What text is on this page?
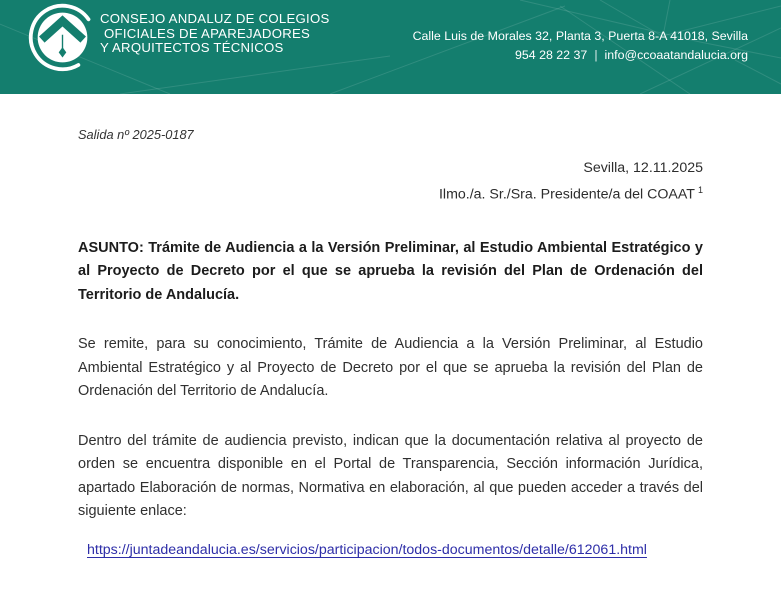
CONSEJO ANDALUZ DE COLEGIOS
OFICIALES DE APAREJADORES
Y ARQUITECTOS TÉCNICOS
Calle Luis de Morales 32, Planta 3, Puerta 8-A 41018, Sevilla
954 28 22 37 | info@ccoaatandalucia.org

Salida nº 2025-0187

Sevilla, 12.11.2025
Ilmo./a. Sr./Sra. Presidente/a del COAAT $^1$

ASUNTO: Trámite de Audiencia a la Versión Preliminar, al Estudio Ambiental Estratégico y al Proyecto de Decreto por el que se aprueba la revisión del Plan de Ordenación del Territorio de Andalucía.

Se remite, para su conocimiento, Trámite de Audiencia a la Versión Preliminar, al Estudio Ambiental Estratégico y al Proyecto de Decreto por el que se aprueba la revisión del Plan de Ordenación del Territorio de Andalucía.

Dentro del trámite de audiencia previsto, indican que la documentación relativa al proyecto de orden se encuentra disponible en el Portal de Transparencia, Sección información Jurídica, apartado Elaboración de normas, Normativa en elaboración, al que pueden acceder a través del siguiente enlace:

https://juntadeandalucia.es/servicios/participacion/todos-documentos/detalle/612061.html
